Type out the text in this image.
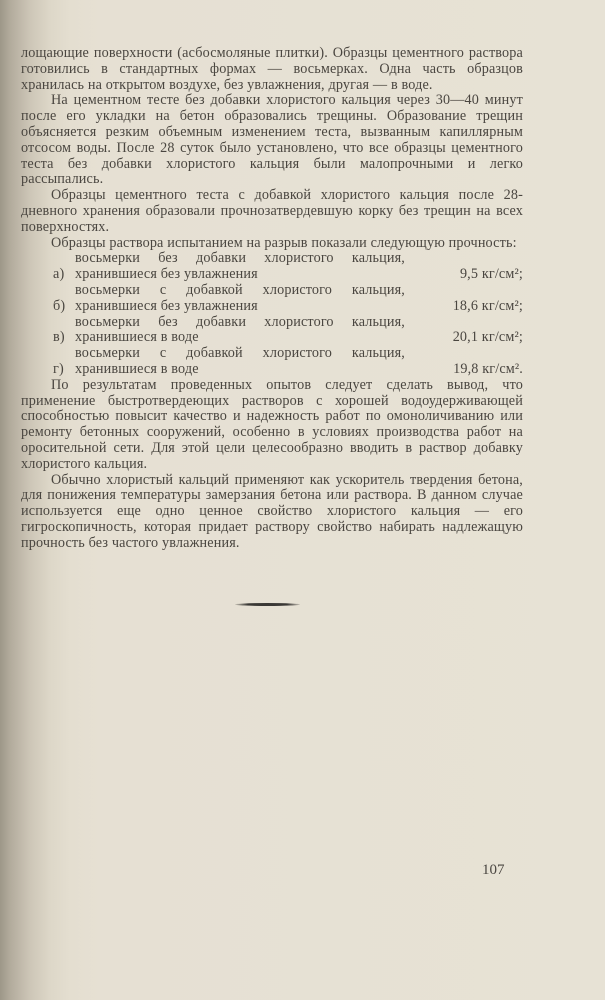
лощающие поверхности (асбосмоляные плитки). Образцы цементного раствора готовились в стандартных формах — восьмерках. Одна часть образцов хранилась на открытом воздухе, без увлажнения, другая — в воде.

На цементном тесте без добавки хлористого кальция через 30—40 минут после его укладки на бетон образовались трещины. Образование трещин объясняется резким объемным изменением теста, вызванным капиллярным отсосом воды. После 28 суток было установлено, что все образцы цементного теста без добавки хлористого кальция были малопрочными и легко рассыпались.

Образцы цементного теста с добавкой хлористого кальция после 28-дневного хранения образовали прочнозатвердевшую корку без трещин на всех поверхностях.

Образцы раствора испытанием на разрыв показали следующую прочность:

а)
восьмерки без добавки хлористого кальция, хранившиеся без увлажнения	9,5 кг/см²;
б)
восьмерки с добавкой хлористого кальция, хранившиеся без увлажнения	18,6 кг/см²;
в)
восьмерки без добавки хлористого кальция, хранившиеся в воде	20,1 кг/см²;
г)
восьмерки с добавкой хлористого кальция, хранившиеся в воде	19,8 кг/см².

По результатам проведенных опытов следует сделать вывод, что применение быстротвердеющих растворов с хорошей водоудерживающей способностью повысит качество и надежность работ по омоноличиванию или ремонту бетонных сооружений, особенно в условиях производства работ на оросительной сети. Для этой цели целесообразно вводить в раствор добавку хлористого кальция.

Обычно хлористый кальций применяют как ускоритель твердения бетона, для понижения температуры замерзания бетона или раствора. В данном случае используется еще одно ценное свойство хлористого кальция — его гигроскопичность, которая придает раствору свойство набирать надлежащую прочность без частого увлажнения.

107
